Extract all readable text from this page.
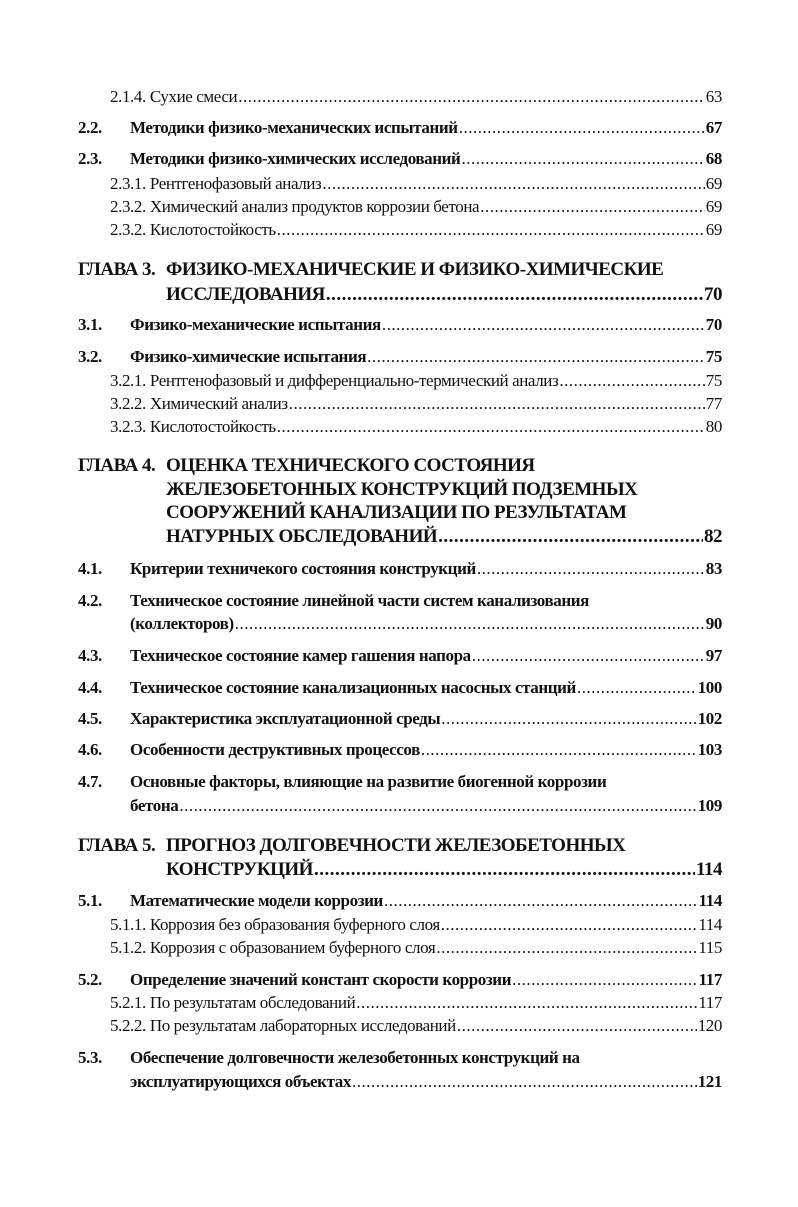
2.1.4. Сухие смеси .....	63
2.2.	Методики физико-механических испытаний .....	67
2.3.	Методики физико-химических исследований .....	68
2.3.1. Рентгенофазовый анализ .....	69
2.3.2. Химический анализ продуктов коррозии бетона .....	69
2.3.2. Кислотостойкость .....	69
ГЛАВА 3. ФИЗИКО-МЕХАНИЧЕСКИЕ И ФИЗИКО-ХИМИЧЕСКИЕ
ИССЛЕДОВАНИЯ .....	70
3.1.	Физико-механические испытания .....	70
3.2.	Физико-химические испытания .....	75
3.2.1. Рентгенофазовый и дифференциально-термический анализ .....	75
3.2.2. Химический анализ .....	77
3.2.3. Кислотостойкость .....	80
ГЛАВА 4. ОЦЕНКА ТЕХНИЧЕСКОГО СОСТОЯНИЯ
ЖЕЛЕЗОБЕТОННЫХ КОНСТРУКЦИЙ ПОДЗЕМНЫХ
СООРУЖЕНИЙ КАНАЛИЗАЦИИ ПО РЕЗУЛЬТАТАМ
НАТУРНЫХ ОБСЛЕДОВАНИЙ .....	82
4.1.	Критерии техничекого состояния конструкций .....	83
4.2.	Техническое состояние линейной части систем канализования
(коллекторов) .....	90
4.3.	Техническое состояние камер гашения напора .....	97
4.4.	Техническое состояние канализационных насосных станций .....	100
4.5.	Характеристика эксплуатационной среды .....	102
4.6.	Особенности деструктивных процессов .....	103
4.7.	Основные факторы, влияющие на развитие биогенной коррозии
бетона .....	109
ГЛАВА 5. ПРОГНОЗ ДОЛГОВЕЧНОСТИ ЖЕЛЕЗОБЕТОННЫХ
КОНСТРУКЦИЙ .....	114
5.1.	Математические модели коррозии .....	114
5.1.1. Коррозия без образования буферного слоя .....	114
5.1.2. Коррозия с образованием буферного слоя .....	115
5.2.	Определение значений констант скорости коррозии .....	117
5.2.1. По результатам обследований .....	117
5.2.2. По результатам лабораторных исследований .....	120
5.3.	Обеспечение долговечности железобетонных конструкций на
эксплуатирующихся объектах .....	121
